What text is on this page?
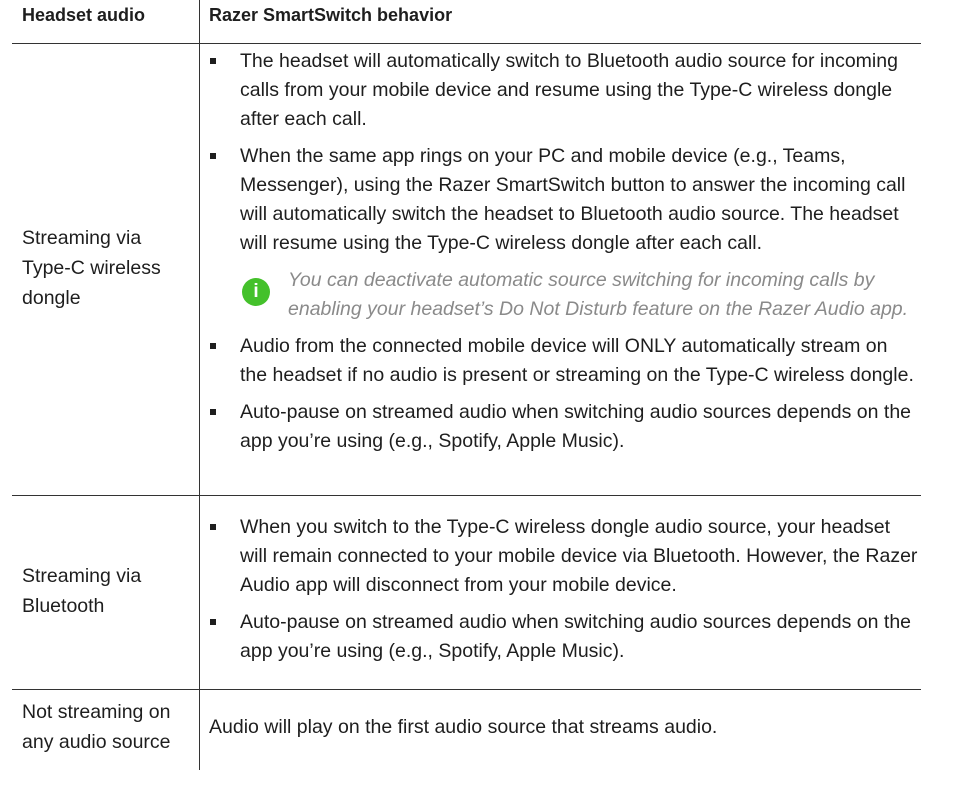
Headset audio	Razer SmartSwitch behavior
Streaming via
Type-C wireless
dongle
The headset will automatically switch to Bluetooth audio source for incoming calls from your mobile device and resume using the Type-C wireless dongle after each call.
When the same app rings on your PC and mobile device (e.g., Teams, Messenger), using the Razer SmartSwitch button to answer the incoming call will automatically switch the headset to Bluetooth audio source. The headset will resume using the Type-C wireless dongle after each call.
i
You can deactivate automatic source switching for incoming calls by enabling your headset’s Do Not Disturb feature on the Razer Audio app.
Audio from the connected mobile device will ONLY automatically stream on the headset if no audio is present or streaming on the Type-C wireless dongle.
Auto-pause on streamed audio when switching audio sources depends on the app you’re using (e.g., Spotify, Apple Music).
Streaming via
Bluetooth
When you switch to the Type-C wireless dongle audio source, your headset will remain connected to your mobile device via Bluetooth. However, the Razer Audio app will disconnect from your mobile device.
Auto-pause on streamed audio when switching audio sources depends on the app you’re using (e.g., Spotify, Apple Music).
Not streaming on
any audio source
Audio will play on the first audio source that streams audio.
